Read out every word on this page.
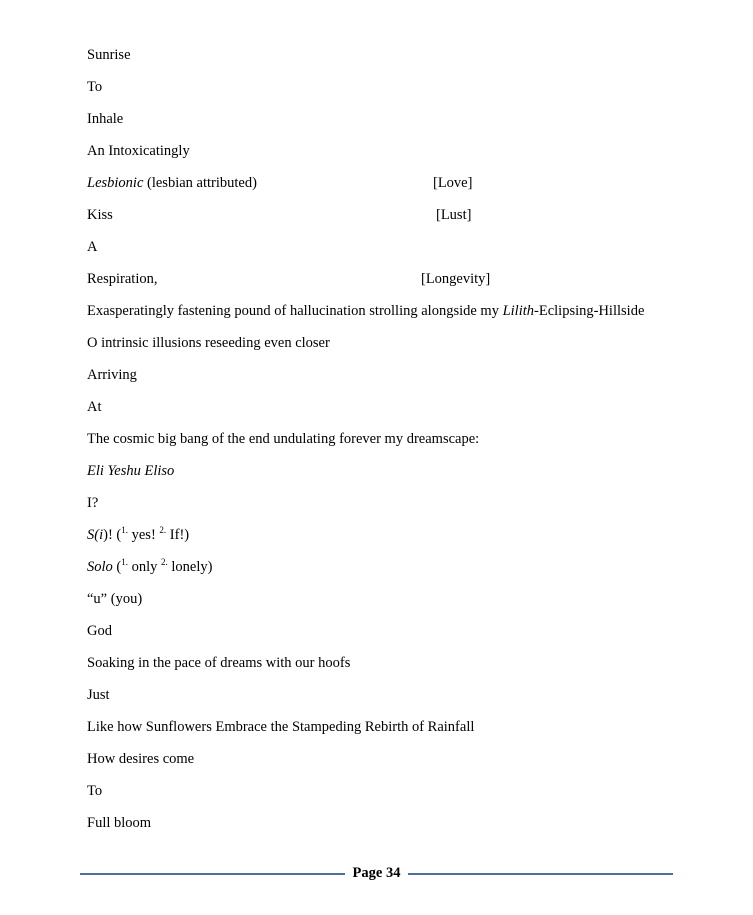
Sunrise
To
Inhale
An Intoxicatingly
Lesbionic (lesbian attributed)	[Love]
Kiss	[Lust]
A
Respiration,	[Longevity]
Exasperatingly fastening pound of hallucination strolling alongside my Lilith-Eclipsing-Hillside
O intrinsic illusions reseeding even closer
Arriving
At
The cosmic big bang of the end undulating forever my dreamscape:
Eli Yeshu Eliso
I?
S(i)! ($^{1.}$ yes! $^{2.}$ If!)
Solo ($^{1.}$ only $^{2.}$ lonely)
“u” (you)
God
Soaking in the pace of dreams with our hoofs
Just
Like how Sunflowers Embrace the Stampeding Rebirth of Rainfall
How desires come
To
Full bloom
Page 34
